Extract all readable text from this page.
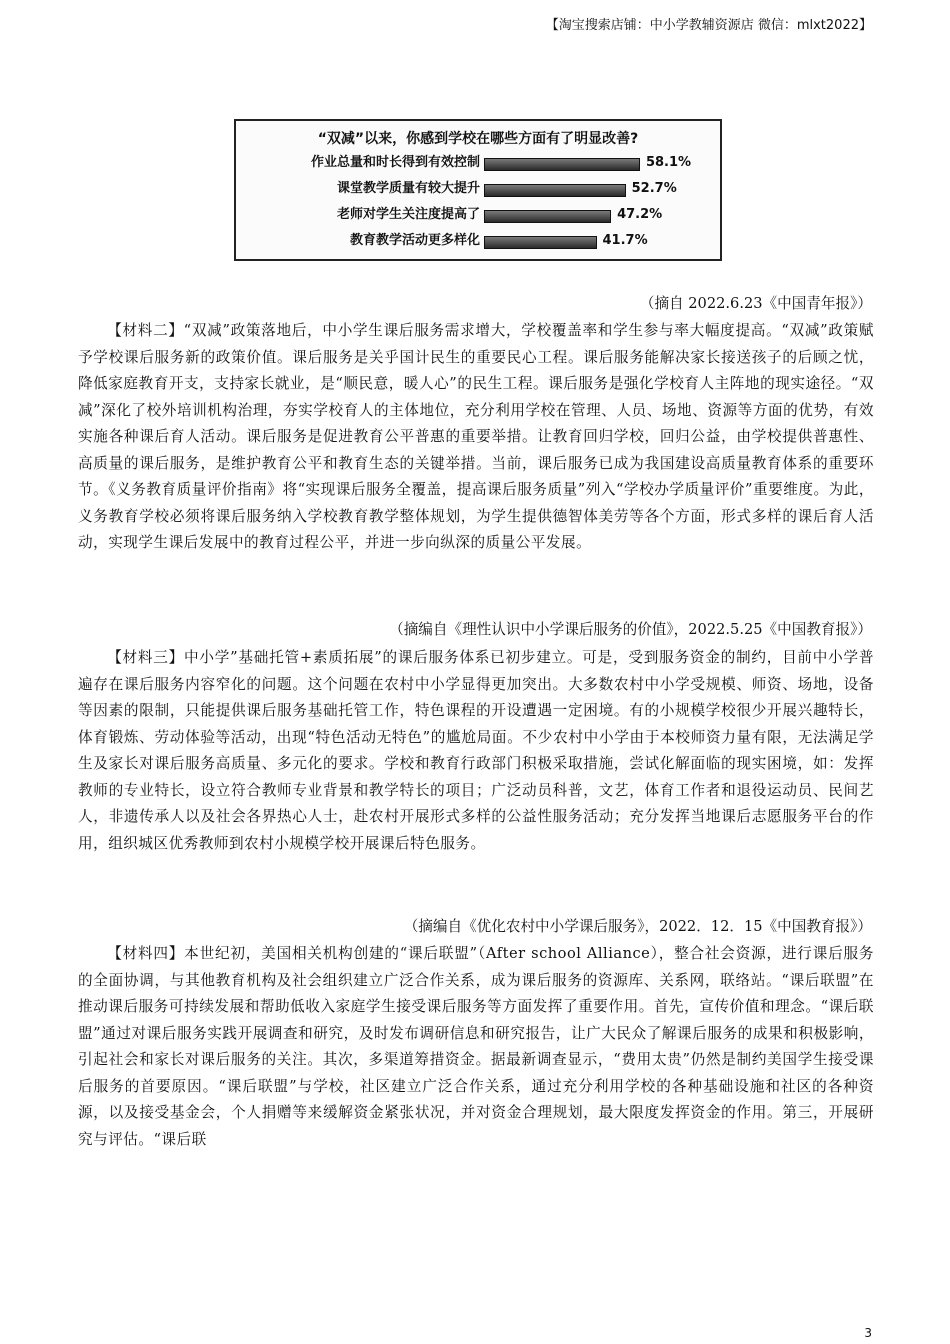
【淘宝搜索店铺：中小学教辅资源店 微信：mlxt2022】
“双减”以来，你感到学校在哪些方面有了明显改善?
作业总量和时长得到有效控制	58.1%
课堂教学质量有较大提升	52.7%
老师对学生关注度提高了	47.2%
教育教学活动更多样化	41.7%
（摘自 2022.6.23《中国青年报》）
【材料二】“双减”政策落地后，中小学生课后服务需求增大，学校覆盖率和学生参与率大幅度提高。“双减”政策赋予学校课后服务新的政策价值。课后服务是关乎国计民生的重要民心工程。课后服务能解决家长接送孩子的后顾之忧，降低家庭教育开支，支持家长就业，是“顺民意，暖人心”的民生工程。课后服务是强化学校育人主阵地的现实途径。“双减”深化了校外培训机构治理，夯实学校育人的主体地位，充分利用学校在管理、人员、场地、资源等方面的优势，有效实施各种课后育人活动。课后服务是促进教育公平普惠的重要举措。让教育回归学校，回归公益，由学校提供普惠性、高质量的课后服务，是维护教育公平和教育生态的关键举措。当前，课后服务已成为我国建设高质量教育体系的重要环节。《义务教育质量评价指南》将“实现课后服务全覆盖，提高课后服务质量”列入“学校办学质量评价”重要维度。为此，义务教育学校必须将课后服务纳入学校教育教学整体规划，为学生提供德智体美劳等各个方面，形式多样的课后育人活动，实现学生课后发展中的教育过程公平，并进一步向纵深的质量公平发展。
（摘编自《理性认识中小学课后服务的价值》，2022.5.25《中国教育报》）
【材料三】中小学”基础托管+素质拓展”的课后服务体系已初步建立。可是，受到服务资金的制约，目前中小学普遍存在课后服务内容窄化的问题。这个问题在农村中小学显得更加突出。大多数农村中小学受规模、师资、场地，设备等因素的限制，只能提供课后服务基础托管工作，特色课程的开设遭遇一定困境。有的小规模学校很少开展兴趣特长，体育锻炼、劳动体验等活动，出现“特色活动无特色”的尴尬局面。不少农村中小学由于本校师资力量有限，无法满足学生及家长对课后服务高质量、多元化的要求。学校和教育行政部门积极采取措施，尝试化解面临的现实困境，如：发挥教师的专业特长，设立符合教师专业背景和教学特长的项目；广泛动员科普，文艺，体育工作者和退役运动员、民间艺人，非遗传承人以及社会各界热心人士，赴农村开展形式多样的公益性服务活动；充分发挥当地课后志愿服务平台的作用，组织城区优秀教师到农村小规模学校开展课后特色服务。
（摘编自《优化农村中小学课后服务》，2022．12．15《中国教育报》）
【材料四】本世纪初，美国相关机构创建的“课后联盟”（After school Alliance），整合社会资源，进行课后服务的全面协调，与其他教育机构及社会组织建立广泛合作关系，成为课后服务的资源库、关系网，联络站。“课后联盟”在推动课后服务可持续发展和帮助低收入家庭学生接受课后服务等方面发挥了重要作用。首先，宣传价值和理念。“课后联盟”通过对课后服务实践开展调查和研究，及时发布调研信息和研究报告，让广大民众了解课后服务的成果和积极影响，引起社会和家长对课后服务的关注。其次，多渠道筹措资金。据最新调查显示，“费用太贵”仍然是制约美国学生接受课后服务的首要原因。“课后联盟”与学校，社区建立广泛合作关系，通过充分利用学校的各种基础设施和社区的各种资源，以及接受基金会，个人捐赠等来缓解资金紧张状况，并对资金合理规划，最大限度发挥资金的作用。第三，开展研究与评估。“课后联
3
